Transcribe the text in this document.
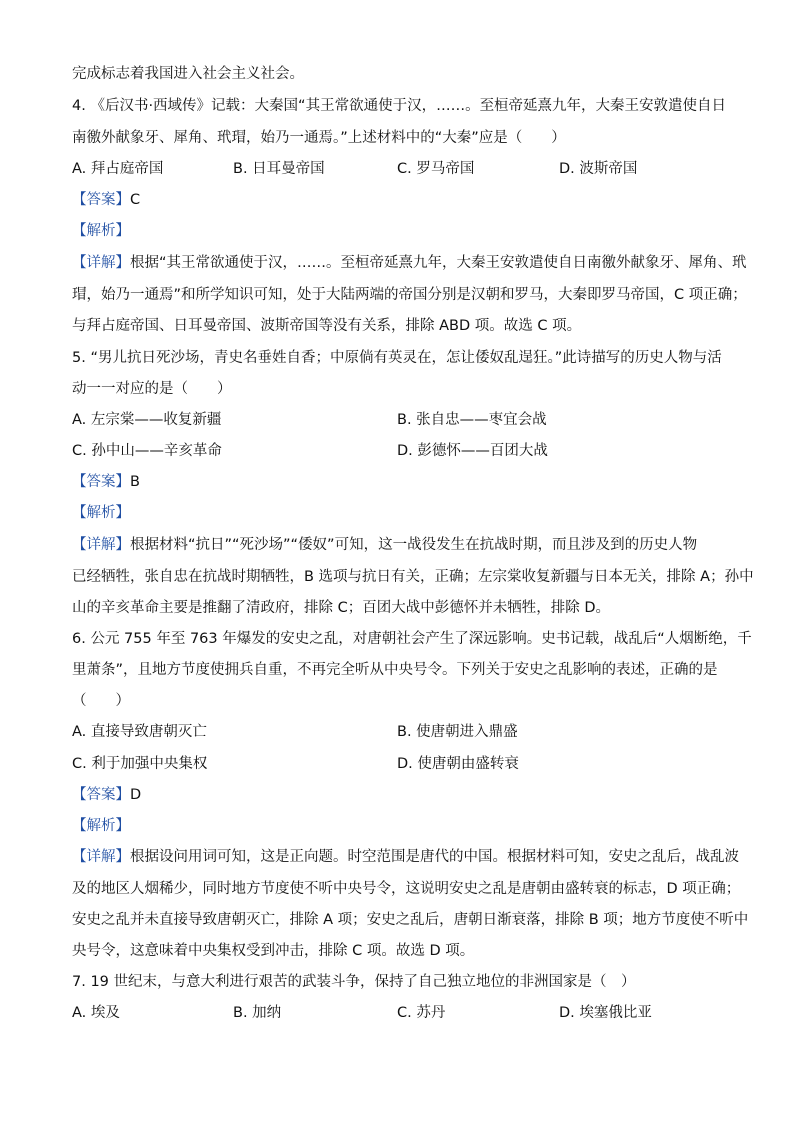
完成标志着我国进入社会主义社会。
4. 《后汉书·西域传》记载：大秦国“其王常欲通使于汉，……。至桓帝延熹九年，大秦王安敦遣使自日
南徼外献象牙、犀角、玳瑁，始乃一通焉。”上述材料中的“大秦”应是（　　）
A. 拜占庭帝国	B. 日耳曼帝国	C. 罗马帝国	D. 波斯帝国
【答案】C
【解析】
【详解】根据“其王常欲通使于汉，……。至桓帝延熹九年，大秦王安敦遣使自日南徼外献象牙、犀角、玳
瑁，始乃一通焉”和所学知识可知，处于大陆两端的帝国分别是汉朝和罗马，大秦即罗马帝国，C 项正确；
与拜占庭帝国、日耳曼帝国、波斯帝国等没有关系，排除 ABD 项。故选 C 项。
5. “男儿抗日死沙场，青史名垂姓自香；中原倘有英灵在，怎让倭奴乱逞狂。”此诗描写的历史人物与活
动一一对应的是（　　）
A. 左宗棠——收复新疆	B. 张自忠——枣宜会战
C. 孙中山——辛亥革命	D. 彭德怀——百团大战
【答案】B
【解析】
【详解】根据材料“抗日”“死沙场”“倭奴”可知，这一战役发生在抗战时期，而且涉及到的历史人物
已经牺牲，张自忠在抗战时期牺牲，B 选项与抗日有关，正确；左宗棠收复新疆与日本无关，排除 A；孙中
山的辛亥革命主要是推翻了清政府，排除 C；百团大战中彭德怀并未牺牲，排除 D。
6. 公元 755 年至 763 年爆发的安史之乱，对唐朝社会产生了深远影响。史书记载，战乱后“人烟断绝，千
里萧条”，且地方节度使拥兵自重，不再完全听从中央号令。下列关于安史之乱影响的表述，正确的是
（　　）
A. 直接导致唐朝灭亡	B. 使唐朝进入鼎盛
C. 利于加强中央集权	D. 使唐朝由盛转衰
【答案】D
【解析】
【详解】根据设问用词可知，这是正向题。时空范围是唐代的中国。根据材料可知，安史之乱后，战乱波
及的地区人烟稀少，同时地方节度使不听中央号令，这说明安史之乱是唐朝由盛转衰的标志，D 项正确；
安史之乱并未直接导致唐朝灭亡，排除 A 项；安史之乱后，唐朝日渐衰落，排除 B 项；地方节度使不听中
央号令，这意味着中央集权受到冲击，排除 C 项。故选 D 项。
7. 19 世纪末，与意大利进行艰苦的武装斗争，保持了自己独立地位的非洲国家是（　）
A. 埃及	B. 加纳	C. 苏丹	D. 埃塞俄比亚
